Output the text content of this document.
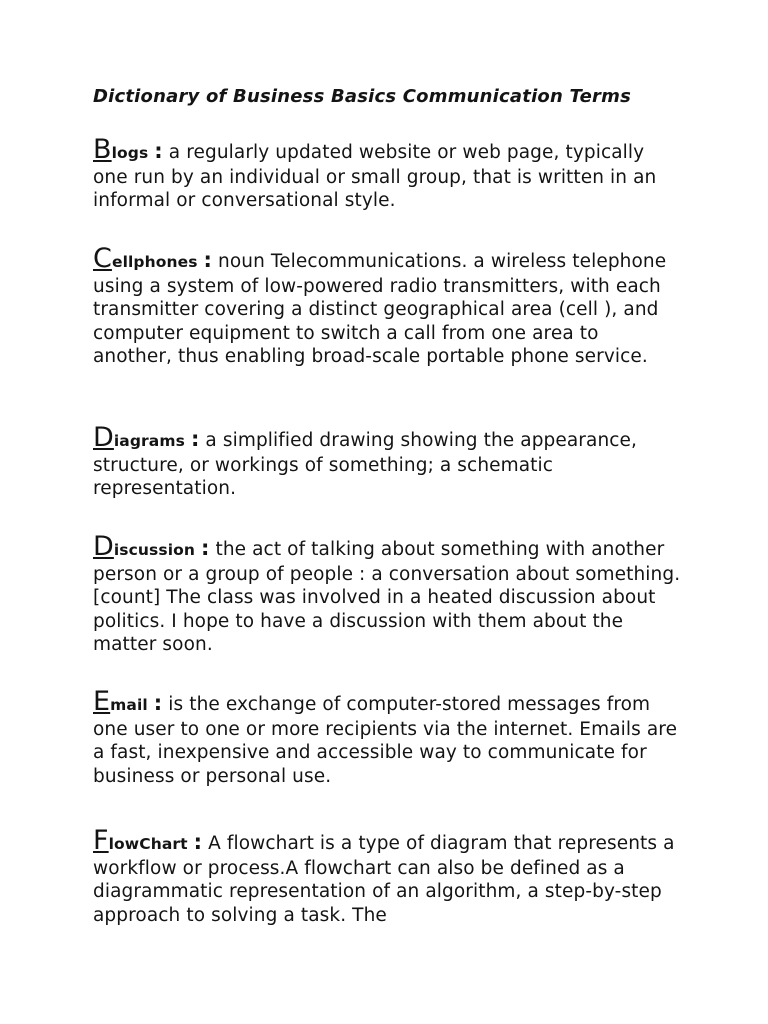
Dictionary of Business Basics Communication Terms
Blogs : a regularly updated website or web page, typically one run by an individual or small group, that is written in an informal or conversational style.
Cellphones : noun Telecommunications. a wireless telephone using a system of low-powered radio transmitters, with each transmitter covering a distinct geographical area (cell ), and computer equipment to switch a call from one area to another, thus enabling broad-scale portable phone service.
Diagrams : a simplified drawing showing the appearance, structure, or workings of something; a schematic representation.
Discussion : the act of talking about something with another person or a group of people : a conversation about something. [count] The class was involved in a heated discussion about politics. I hope to have a discussion with them about the matter soon.
Email : is the exchange of computer-stored messages from one user to one or more recipients via the internet. Emails are a fast, inexpensive and accessible way to communicate for business or personal use.
FlowChart : A flowchart is a type of diagram that represents a workflow or process.A flowchart can also be defined as a diagrammatic representation of an algorithm, a step-by-step approach to solving a task. The
